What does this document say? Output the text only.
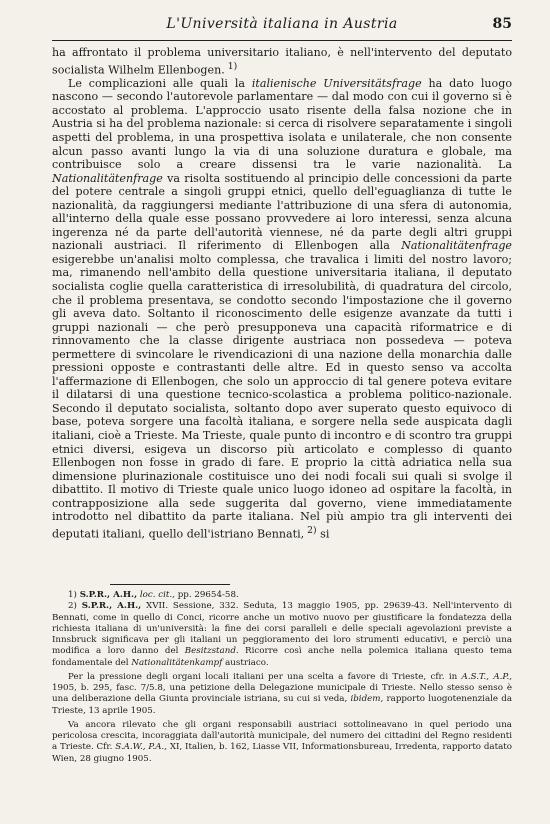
L'Università italiana in Austria	85

ha affrontato il problema universitario italiano, è nell'intervento del deputato socialista Wilhelm Ellenbogen. $^{1)}$

Le complicazioni alle quali la italienische Universitätsfrage ha dato luogo nascono — secondo l'autorevole parlamentare — dal modo con cui il governo si è accostato al problema. L'approccio usato risente della falsa nozione che in Austria si ha del problema nazionale: si cerca di risolvere separatamente i singoli aspetti del problema, in una prospettiva isolata e unilaterale, che non consente alcun passo avanti lungo la via di una soluzione duratura e globale, ma contribuisce solo a creare dissensi tra le varie nazionalità. La Nationalitätenfrage va risolta sostituendo al principio delle concessioni da parte del potere centrale a singoli gruppi etnici, quello dell'eguaglianza di tutte le nazionalità, da raggiungersi mediante l'attribuzione di una sfera di autonomia, all'interno della quale esse possano provvedere ai loro interessi, senza alcuna ingerenza né da parte dell'autorità viennese, né da parte degli altri gruppi nazionali austriaci. Il riferimento di Ellenbogen alla Nationalitätenfrage esigerebbe un'analisi molto complessa, che travalica i limiti del nostro lavoro; ma, rimanendo nell'ambito della questione universitaria italiana, il deputato socialista coglie quella caratteristica di irresolubilità, di quadratura del circolo, che il problema presentava, se condotto secondo l'impostazione che il governo gli aveva dato. Soltanto il riconoscimento delle esigenze avanzate da tutti i gruppi nazionali — che però presupponeva una capacità riformatrice e di rinnovamento che la classe dirigente austriaca non possedeva — poteva permettere di svincolare le rivendicazioni di una nazione della monarchia dalle pressioni opposte e contrastanti delle altre. Ed in questo senso va accolta l'affermazione di Ellenbogen, che solo un approccio di tal genere poteva evitare il dilatarsi di una questione tecnico-scolastica a problema politico-nazionale. Secondo il deputato socialista, soltanto dopo aver superato questo equivoco di base, poteva sorgere una facoltà italiana, e sorgere nella sede auspicata dagli italiani, cioè a Trieste. Ma Trieste, quale punto di incontro e di scontro tra gruppi etnici diversi, esigeva un discorso più articolato e complesso di quanto Ellenbogen non fosse in grado di fare. E proprio la città adriatica nella sua dimensione plurinazionale costituisce uno dei nodi focali sui quali si svolge il dibattito. Il motivo di Trieste quale unico luogo idoneo ad ospitare la facoltà, in contrapposizione alla sede suggerita dal governo, viene immediatamente introdotto nel dibattito da parte italiana. Nel più ampio tra gli interventi dei deputati italiani, quello dell'istriano Bennati, $^{2)}$ si

1) S.P.R., A.H., loc. cit., pp. 29654-58.

2) S.P.R., A.H., XVII. Sessione, 332. Seduta, 13 maggio 1905, pp. 29639-43. Nell'intervento di Bennati, come in quello di Conci, ricorre anche un motivo nuovo per giustificare la fondatezza della richiesta italiana di un'università: la fine dei corsi paralleli e delle speciali agevolazioni previste a Innsbruck significava per gli italiani un peggioramento dei loro strumenti educativi, e perciò una modifica a loro danno del Besitzstand. Ricorre così anche nella polemica italiana questo tema fondamentale del Nationalitätenkampf austriaco.

Per la pressione degli organi locali italiani per una scelta a favore di Trieste, cfr. in A.S.T., A.P., 1905, b. 295, fasc. 7/5.8, una petizione della Delegazione municipale di Trieste. Nello stesso senso è una deliberazione della Giunta provinciale istriana, su cui si veda, ibidem, rapporto luogotenenziale da Trieste, 13 aprile 1905.

Va ancora rilevato che gli organi responsabili austriaci sottolineavano in quel periodo una pericolosa crescita, incoraggiata dall'autorità municipale, del numero dei cittadini del Regno residenti a Trieste. Cfr. S.A.W., P.A., XI, Italien, b. 162, Liasse VII, Informationsbureau, Irredenta, rapporto datato Wien, 28 giugno 1905.
